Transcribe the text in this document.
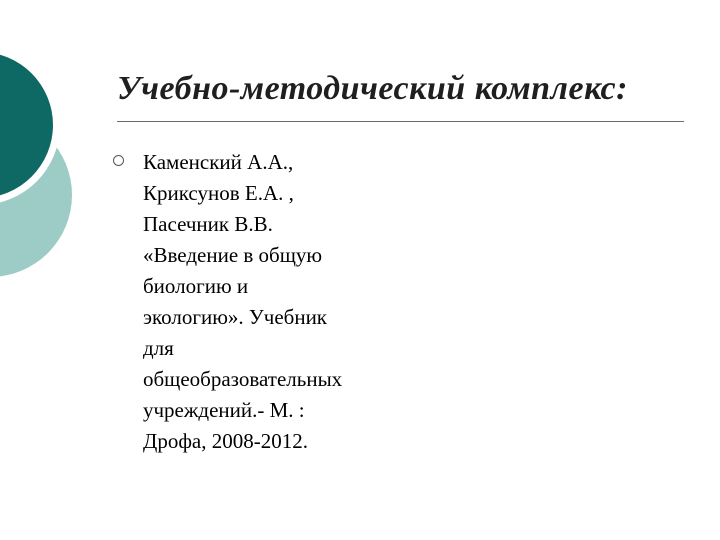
Учебно-методический комплекс:

Каменский А.А.,
Криксунов Е.А. ,
Пасечник В.В.
«Введение в общую
биологию и
экологию». Учебник
для
общеобразовательных
учреждений.- М. :
Дрофа, 2008-2012.
